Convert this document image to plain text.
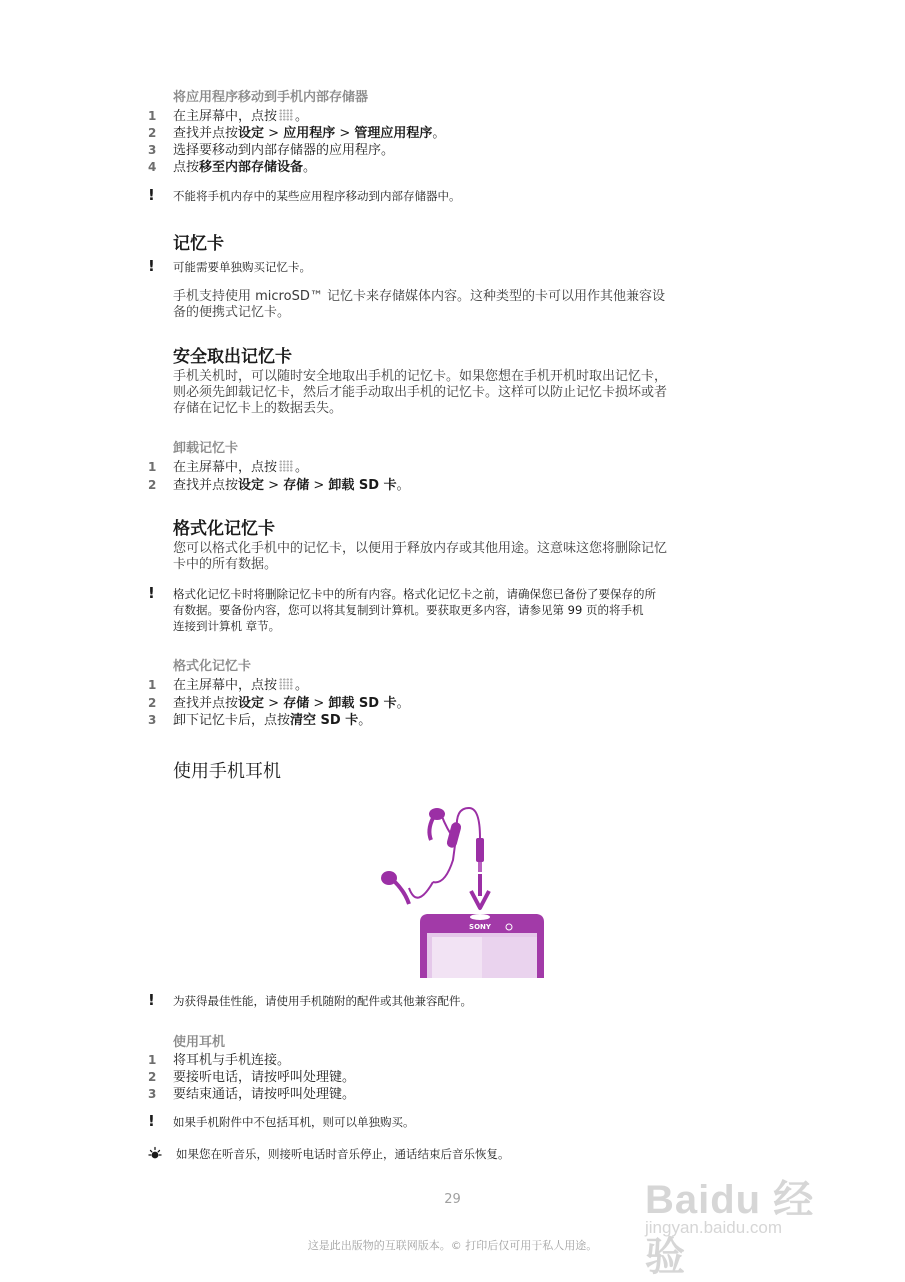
将应用程序移动到手机内部存储器
1 在主屏幕中，点按 。
2 查找并点按设定 > 应用程序 > 管理应用程序。
3 选择要移动到内部存储器的应用程序。
4 点按移至内部存储设备。
! 不能将手机内存中的某些应用程序移动到内部存储器中。
记忆卡
! 可能需要单独购买记忆卡。
手机支持使用 microSD™ 记忆卡来存储媒体内容。这种类型的卡可以用作其他兼容设
备的便携式记忆卡。
安全取出记忆卡
手机关机时，可以随时安全地取出手机的记忆卡。如果您想在手机开机时取出记忆卡，
则必须先卸载记忆卡，然后才能手动取出手机的记忆卡。这样可以防止记忆卡损坏或者
存储在记忆卡上的数据丢失。
卸载记忆卡
1 在主屏幕中，点按 。
2 查找并点按设定 > 存储 > 卸载 SD 卡。
格式化记忆卡
您可以格式化手机中的记忆卡，以便用于释放内存或其他用途。这意味这您将删除记忆
卡中的所有数据。
! 格式化记忆卡时将删除记忆卡中的所有内容。格式化记忆卡之前，请确保您已备份了要保存的所
有数据。要备份内容，您可以将其复制到计算机。要获取更多内容，请参见第 99 页的将手机
连接到计算机 章节。
格式化记忆卡
1 在主屏幕中，点按 。
2 查找并点按设定 > 存储 > 卸载 SD 卡。
3 卸下记忆卡后，点按清空 SD 卡。
使用手机耳机
SONY
! 为获得最佳性能，请使用手机随附的配件或其他兼容配件。
使用耳机
1 将耳机与手机连接。
2 要接听电话，请按呼叫处理键。
3 要结束通话，请按呼叫处理键。
! 如果手机附件中不包括耳机，则可以单独购买。
如果您在听音乐，则接听电话时音乐停止，通话结束后音乐恢复。
29	Baidu 经验
jingyan.baidu.com
这是此出版物的互联网版本。© 打印后仅可用于私人用途。
